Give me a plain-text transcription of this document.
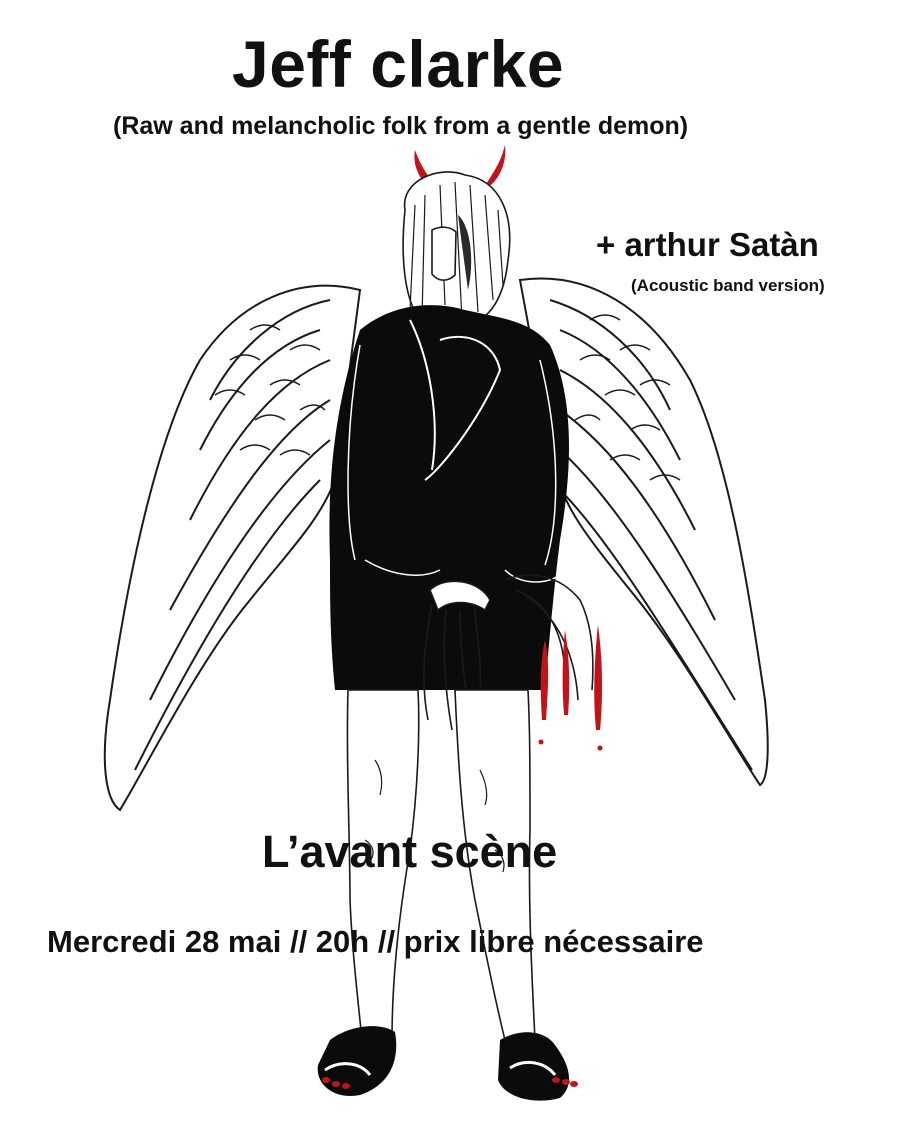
Jeff clarke
(Raw and melancholic folk from a gentle demon)
+ arthur Satàn
(Acoustic band version)
L’avant scène
Mercredi 28 mai // 20h // prix libre nécessaire
